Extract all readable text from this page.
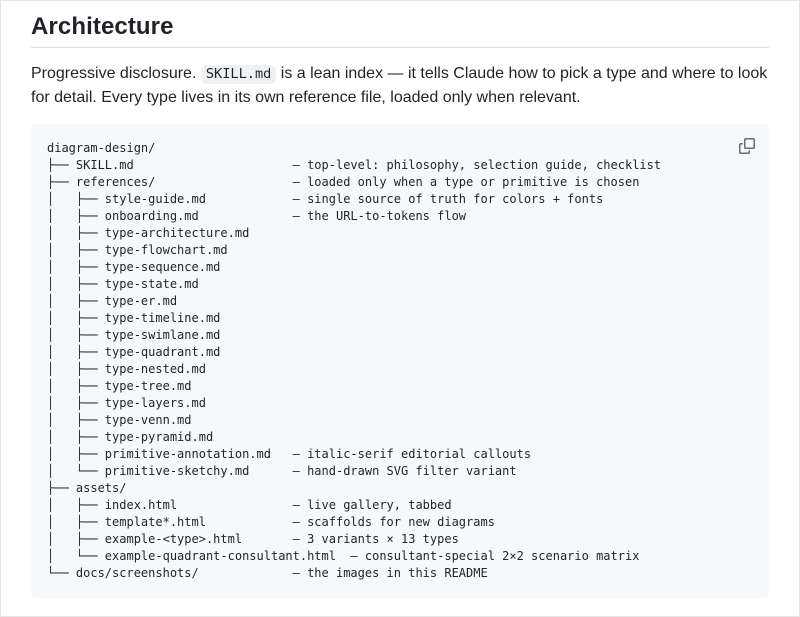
Architecture

Progressive disclosure. SKILL.md is a lean index — it tells Claude how to pick a type and where to look for detail. Every type lives in its own reference file, loaded only when relevant.

diagram-design/
├── SKILL.md                      – top-level: philosophy, selection guide, checklist
├── references/                   – loaded only when a type or primitive is chosen
│   ├── style-guide.md            – single source of truth for colors + fonts
│   ├── onboarding.md             – the URL-to-tokens flow
│   ├── type-architecture.md
│   ├── type-flowchart.md
│   ├── type-sequence.md
│   ├── type-state.md
│   ├── type-er.md
│   ├── type-timeline.md
│   ├── type-swimlane.md
│   ├── type-quadrant.md
│   ├── type-nested.md
│   ├── type-tree.md
│   ├── type-layers.md
│   ├── type-venn.md
│   ├── type-pyramid.md
│   ├── primitive-annotation.md   – italic-serif editorial callouts
│   └── primitive-sketchy.md      – hand-drawn SVG filter variant
├── assets/
│   ├── index.html                – live gallery, tabbed
│   ├── template*.html            – scaffolds for new diagrams
│   ├── example-<type>.html       – 3 variants × 13 types
│   └── example-quadrant-consultant.html  – consultant-special 2×2 scenario matrix
└── docs/screenshots/             – the images in this README
